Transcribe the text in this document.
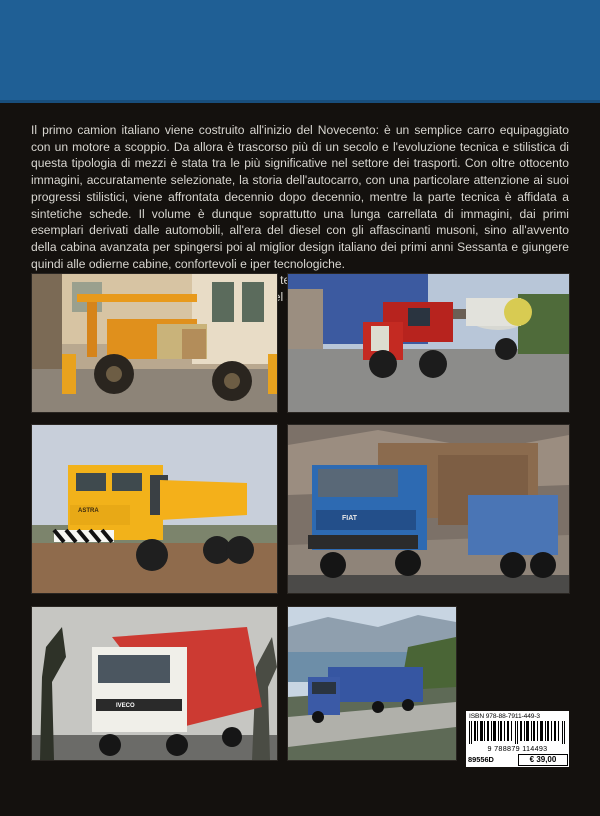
Il primo camion italiano viene costruito all'inizio del Novecento: è un semplice carro equipaggiato con un motore a scoppio. Da allora è trascorso più di un secolo e l'evoluzione tecnica e stilistica di questa tipologia di mezzi è stata tra le più significative nel settore dei trasporti. Con oltre ottocento immagini, accuratamente selezionate, la storia dell'autocarro, con una particolare attenzione ai suoi progressi stilistici, viene affrontata decennio dopo decennio, mentre la parte tecnica è affidata a sintetiche schede. Il volume è dunque soprattutto una lunga carrellata di immagini, dai primi esemplari derivati dalle automobili, all'era del diesel con gli affascinanti musoni, sino all'avvento della cabina avanzata per spingersi poi al miglior design italiano dei primi anni Sessanta e giungere quindi alle odierne cabine, confortevoli e iper tecnologiche.

ASTRA
FIAT
IVECO
ISBN 978-88-7911-449-3
9 788879 114493
89556D	€ 39,00
